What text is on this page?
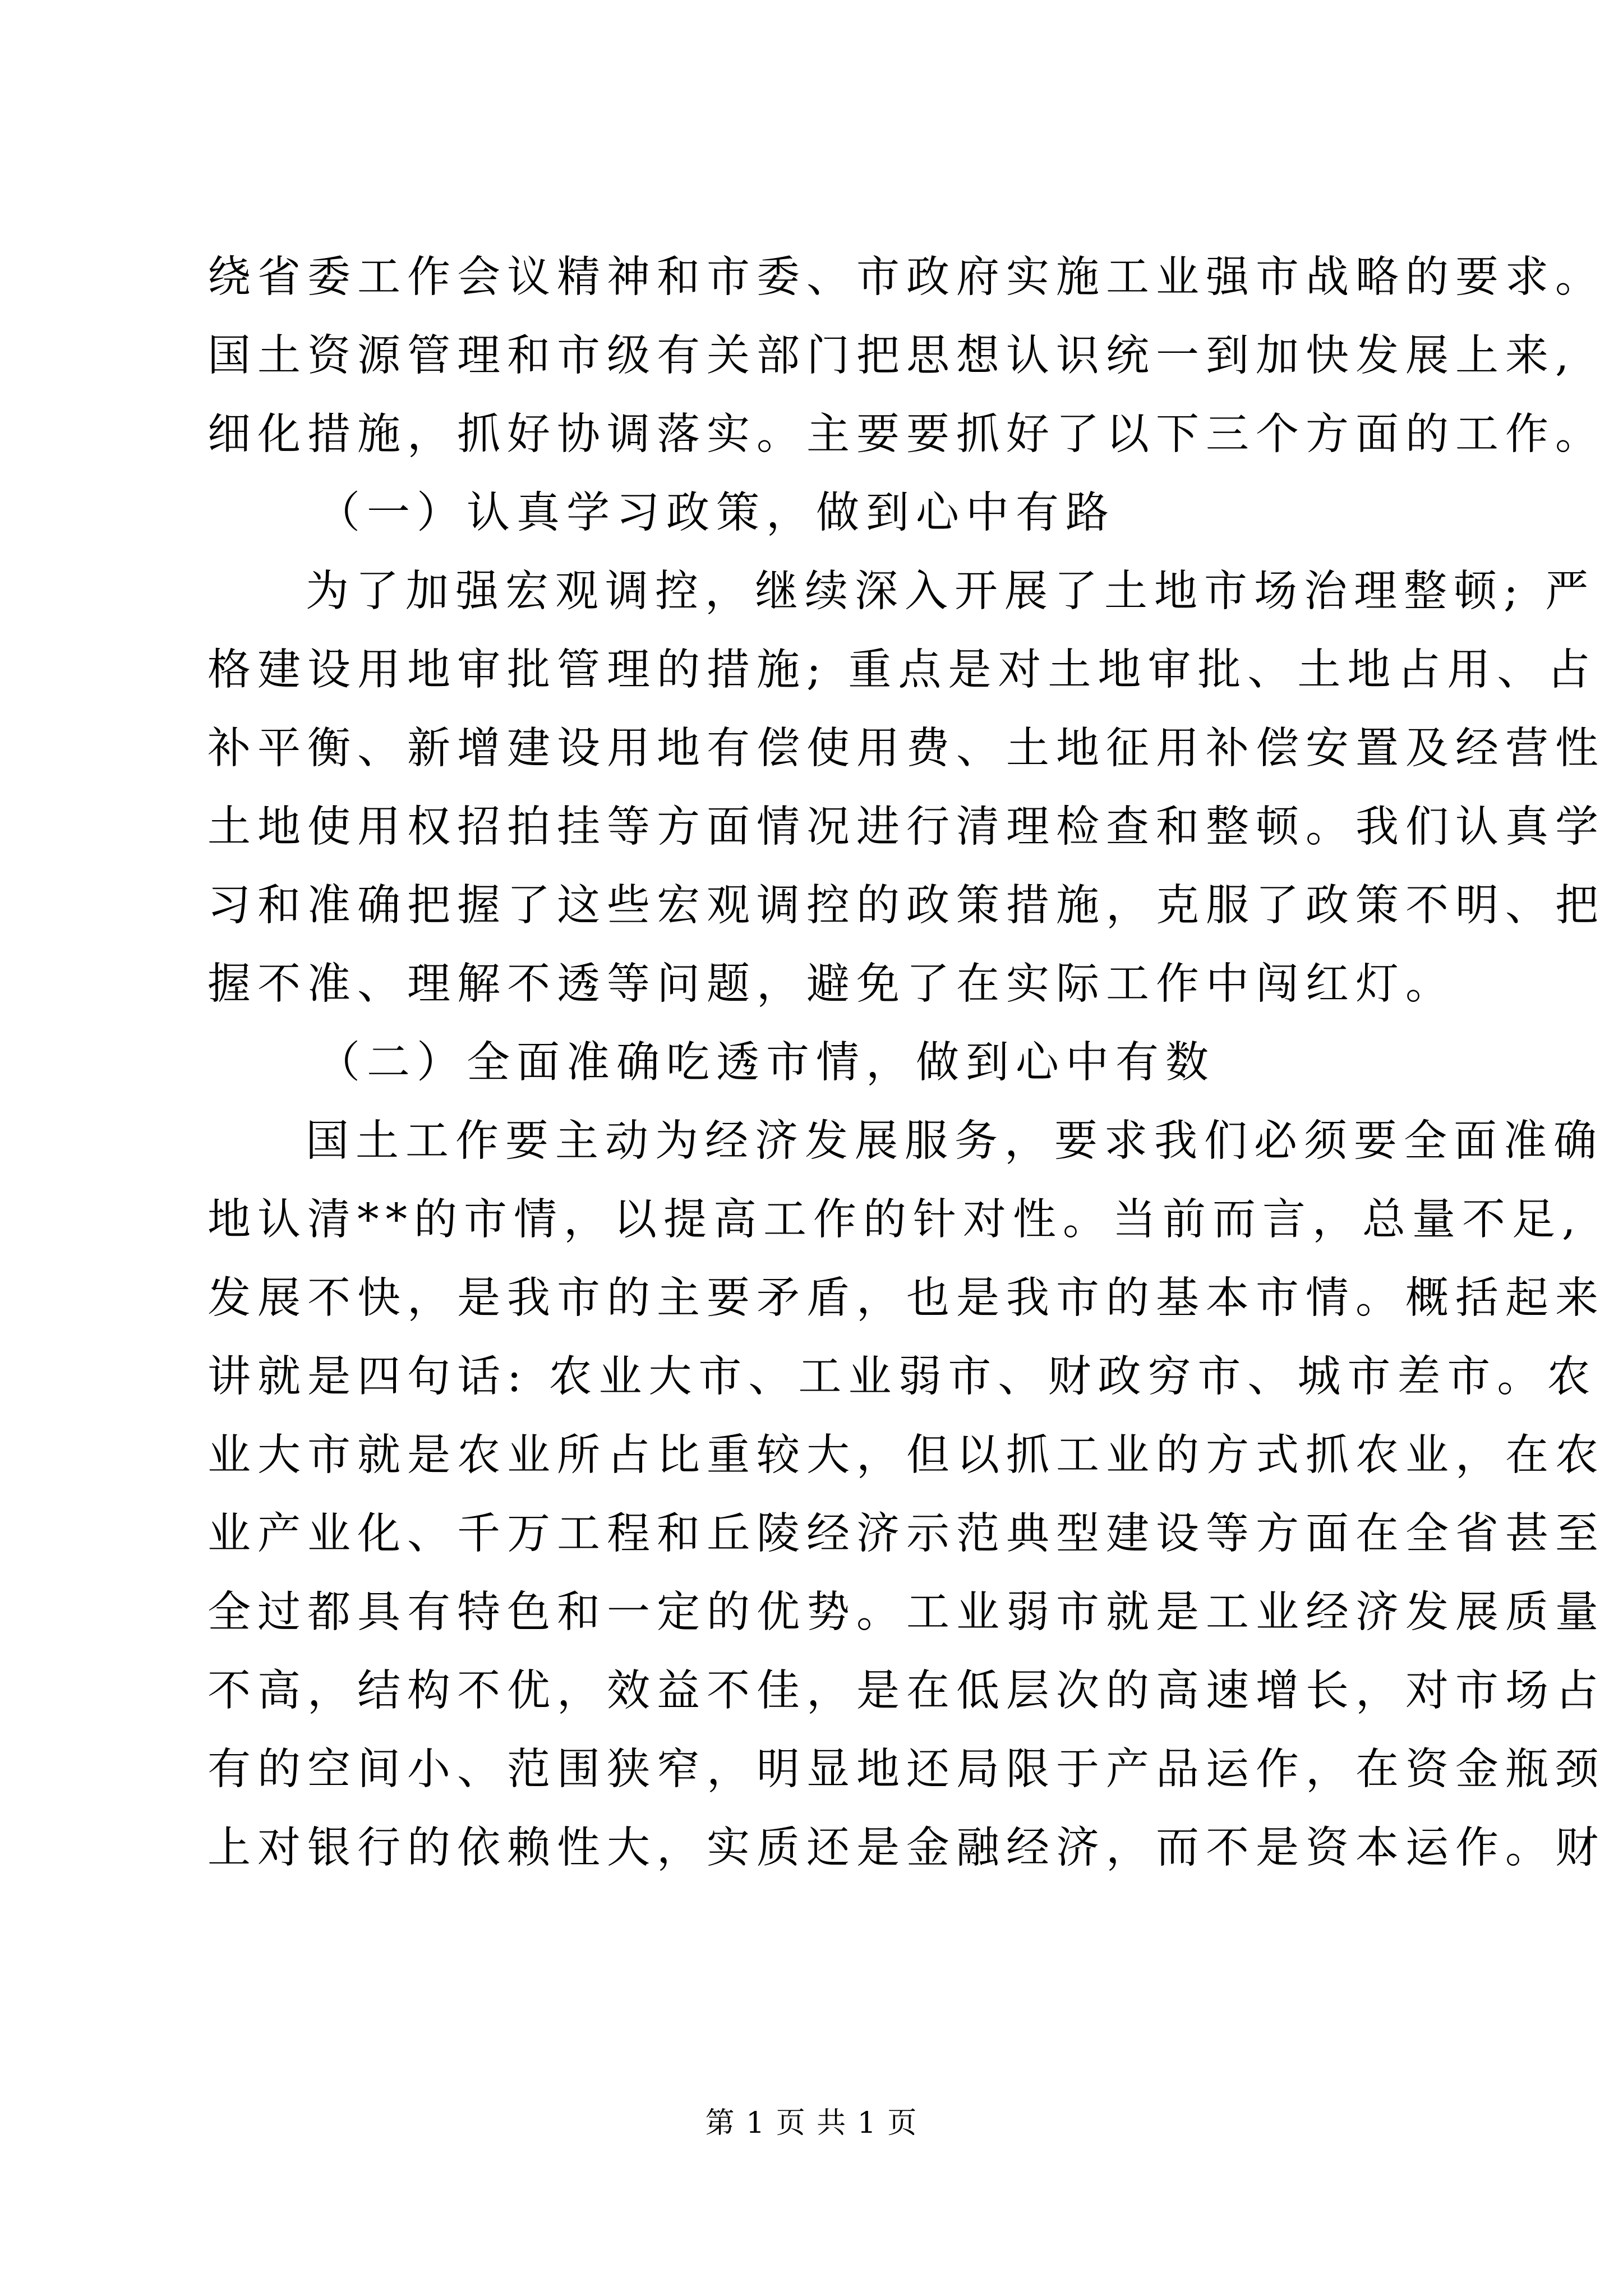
绕省委工作会议精神和市委、市政府实施工业强市战略的要求。
国土资源管理和市级有关部门把思想认识统一到加快发展上来,
细化措施，抓好协调落实。主要要抓好了以下三个方面的工作。
（一）认真学习政策，做到心中有路
为了加强宏观调控，继续深入开展了土地市场治理整顿; 严
格建设用地审批管理的措施; 重点是对土地审批、土地占用、占
补平衡、新增建设用地有偿使用费、土地征用补偿安置及经营性
土地使用权招拍挂等方面情况进行清理检查和整顿。我们认真学
习和准确把握了这些宏观调控的政策措施，克服了政策不明、把
握不准、理解不透等问题，避免了在实际工作中闯红灯。
（二）全面准确吃透市情，做到心中有数
国土工作要主动为经济发展服务，要求我们必须要全面准确
地认清**的市情，以提高工作的针对性。当前而言，总量不足,
发展不快，是我市的主要矛盾，也是我市的基本市情。概括起来
讲就是四句话: 农业大市、工业弱市、财政穷市、城市差市。农
业大市就是农业所占比重较大，但以抓工业的方式抓农业，在农
业产业化、千万工程和丘陵经济示范典型建设等方面在全省甚至
全过都具有特色和一定的优势。工业弱市就是工业经济发展质量
不高，结构不优，效益不佳，是在低层次的高速增长，对市场占
有的空间小、范围狭窄，明显地还局限于产品运作，在资金瓶颈
上对银行的依赖性大，实质还是金融经济，而不是资本运作。财
第 1 页 共 1 页
